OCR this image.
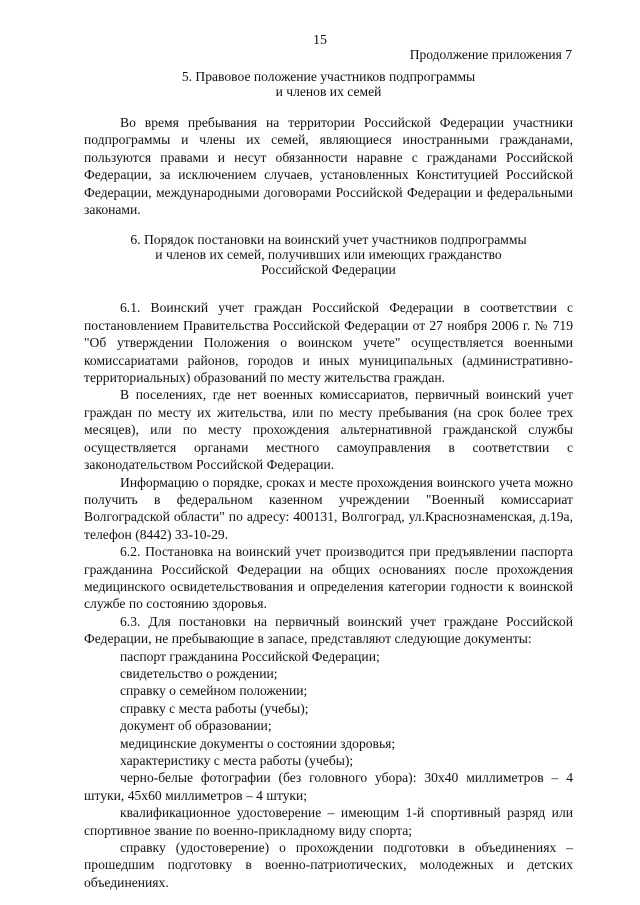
15
Продолжение приложения 7
5. Правовое положение участников подпрограммы
и членов их семей

Во время пребывания на территории Российской Федерации участники подпрограммы и члены их семей, являющиеся иностранными гражданами, пользуются правами и несут обязанности наравне с гражданами Российской Федерации, за исключением случаев, установленных Конституцией Российской Федерации, международными договорами Российской Федерации и федеральными законами.

6. Порядок постановки на воинский учет участников подпрограммы
и членов их семей, получивших или имеющих гражданство
Российской Федерации

6.1. Воинский учет граждан Российской Федерации в соответствии с постановлением Правительства Российской Федерации от 27 ноября 2006 г. № 719 "Об утверждении Положения о воинском учете" осуществляется военными комиссариатами районов, городов и иных муниципальных (административно-территориальных) образований по месту жительства граждан.

В поселениях, где нет военных комиссариатов, первичный воинский учет граждан по месту их жительства, или по месту пребывания (на срок более трех месяцев), или по месту прохождения альтернативной гражданской службы осуществляется органами местного самоуправления в соответствии с законодательством Российской Федерации.

Информацию о порядке, сроках и месте прохождения воинского учета можно получить в федеральном казенном учреждении "Военный комиссариат Волгоградской области" по адресу: 400131, Волгоград, ул.Краснознаменская, д.19а, телефон (8442) 33-10-29.

6.2. Постановка на воинский учет производится при предъявлении паспорта гражданина Российской Федерации на общих основаниях после прохождения медицинского освидетельствования и определения категории годности к воинской службе по состоянию здоровья.

6.3. Для постановки на первичный воинский учет граждане Российской Федерации, не пребывающие в запасе, представляют следующие документы:

паспорт гражданина Российской Федерации;

свидетельство о рождении;

справку о семейном положении;

справку с места работы (учебы);

документ об образовании;

медицинские документы о состоянии здоровья;

характеристику с места работы (учебы);

черно-белые фотографии (без головного убора): 30x40 миллиметров – 4 штуки, 45x60 миллиметров – 4 штуки;

квалификационное удостоверение – имеющим 1-й спортивный разряд или спортивное звание по военно-прикладному виду спорта;

справку (удостоверение) о прохождении подготовки в объединениях – прошедшим подготовку в военно-патриотических, молодежных и детских объединениях.
